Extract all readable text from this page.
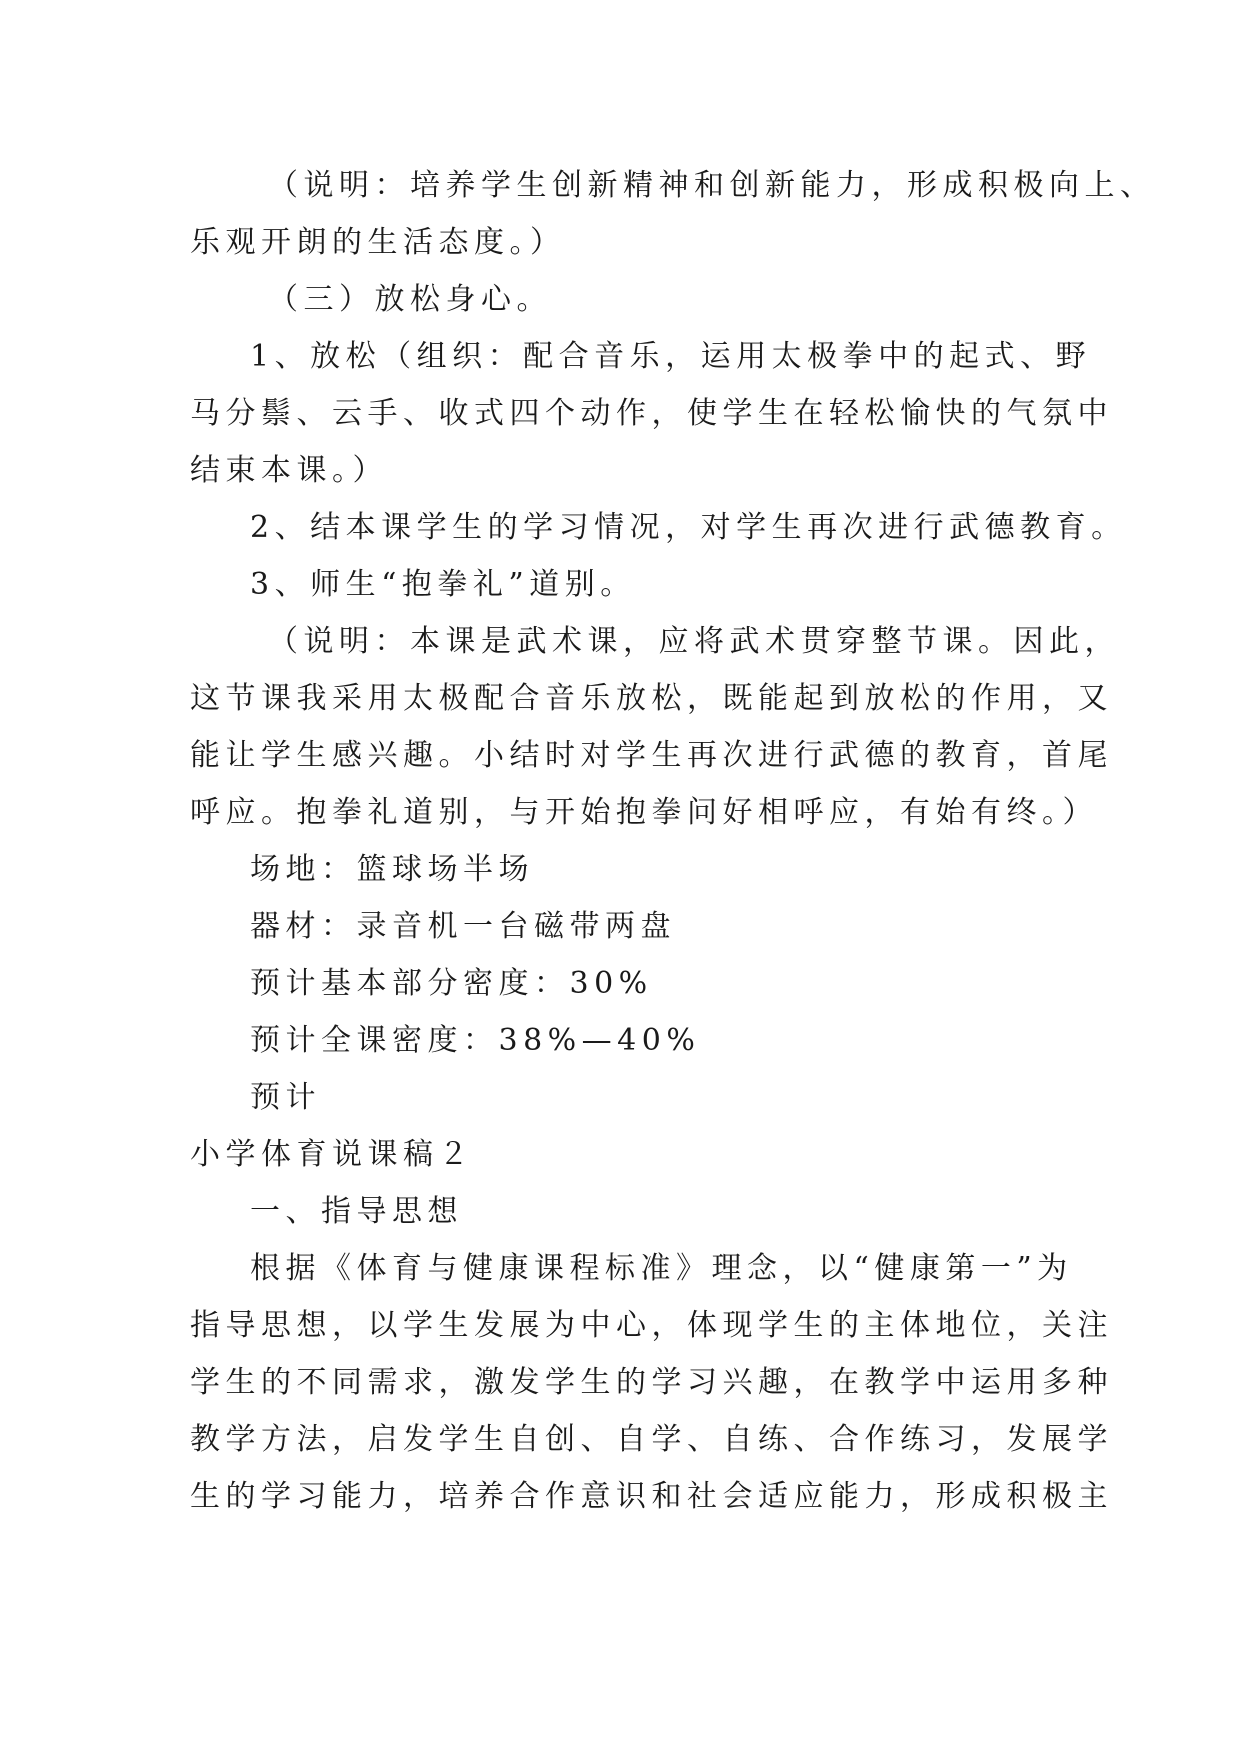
（说明：培养学生创新精神和创新能力，形成积极向上、
乐观开朗的生活态度。）
（三）放松身心。
1、放松（组织：配合音乐，运用太极拳中的起式、野
马分鬃、云手、收式四个动作，使学生在轻松愉快的气氛中
结束本课。）
2、结本课学生的学习情况，对学生再次进行武德教育。
3、师生“抱拳礼”道别。
（说明：本课是武术课，应将武术贯穿整节课。因此，
这节课我采用太极配合音乐放松，既能起到放松的作用，又
能让学生感兴趣。小结时对学生再次进行武德的教育，首尾
呼应。抱拳礼道别，与开始抱拳问好相呼应，有始有终。）
场地：篮球场半场
器材：录音机一台磁带两盘
预计基本部分密度：30%
预计全课密度：38%—40%
预计
小学体育说课稿２
一、指导思想
根据《体育与健康课程标准》理念，以“健康第一”为
指导思想，以学生发展为中心，体现学生的主体地位，关注
学生的不同需求，激发学生的学习兴趣，在教学中运用多种
教学方法，启发学生自创、自学、自练、合作练习，发展学
生的学习能力，培养合作意识和社会适应能力，形成积极主
